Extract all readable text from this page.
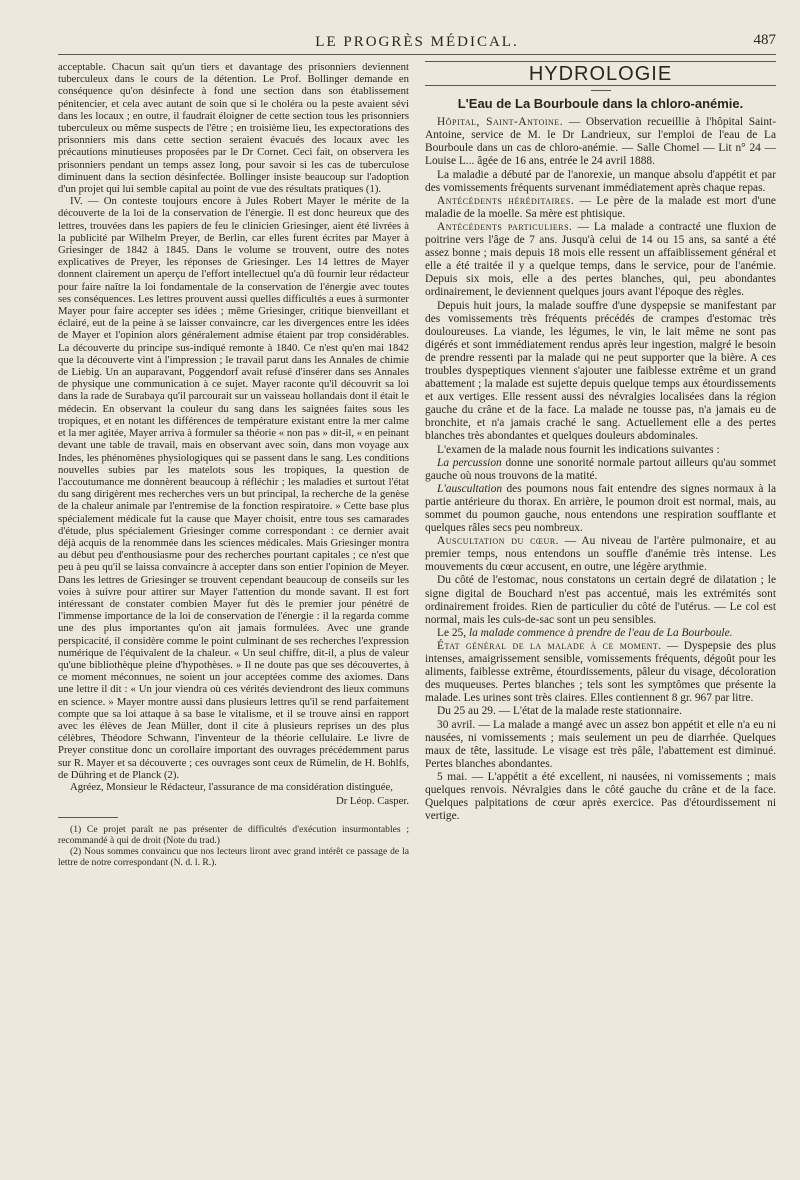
LE PROGRÈS MÉDICAL.	487

acceptable. Chacun sait qu'un tiers et davantage des prisonniers deviennent tuberculeux dans le cours de la détention. Le Prof. Bollinger demande en conséquence qu'on désinfecte à fond une section dans son établissement pénitencier, et cela avec autant de soin que si le choléra ou la peste avaient sévi dans les locaux ; en outre, il faudrait éloigner de cette section tous les prisonniers tuberculeux ou même suspects de l'être ; en troisième lieu, les expectorations des prisonniers mis dans cette section seraient évacués des locaux avec les précautions minutieuses proposées par le Dr Cornet. Ceci fait, on observera les prisonniers pendant un temps assez long, pour savoir si les cas de tuberculose diminuent dans la section désinfectée. Bollinger insiste beaucoup sur l'adoption d'un projet qui lui semble capital au point de vue des résultats pratiques (1).

IV. — On conteste toujours encore à Jules Robert Mayer le mérite de la découverte de la loi de la conservation de l'énergie. Il est donc heureux que des lettres, trouvées dans les papiers de feu le clinicien Griesinger, aient été livrées à la publicité par Wilhelm Preyer, de Berlin, car elles furent écrites par Mayer à Griesinger de 1842 à 1845. Dans le volume se trouvent, outre des notes explicatives de Preyer, les réponses de Griesinger. Les 14 lettres de Mayer donnent clairement un aperçu de l'effort intellectuel qu'a dû fournir leur rédacteur pour faire naître la loi fondamentale de la conservation de l'énergie avec toutes ses conséquences. Les lettres prouvent aussi quelles difficultés a eues à surmonter Mayer pour faire accepter ses idées ; même Griesinger, critique bienveillant et éclairé, eut de la peine à se laisser convaincre, car les divergences entre les idées de Mayer et l'opinion alors généralement admise étaient par trop considérables. La découverte du principe sus-indiqué remonte à 1840. Ce n'est qu'en mai 1842 que la découverte vint à l'impression ; le travail parut dans les Annales de chimie de Liebig. Un an auparavant, Poggendorf avait refusé d'insérer dans ses Annales de physique une communication à ce sujet. Mayer raconte qu'il découvrit sa loi dans la rade de Surabaya qu'il parcourait sur un vaisseau hollandais dont il était le médecin. En observant la couleur du sang dans les saignées faites sous les tropiques, et en notant les différences de température existant entre la mer calme et la mer agitée, Mayer arriva à formuler sa théorie « non pas » dit-il, « en peinant devant une table de travail, mais en observant avec soin, dans mon voyage aux Indes, les phénomènes physiologiques qui se passent dans le sang. Les conditions nouvelles subies par les matelots sous les tropiques, la question de l'accoutumance me donnèrent beaucoup à réfléchir ; les maladies et surtout l'état du sang dirigèrent mes recherches vers un but principal, la recherche de la genèse de la chaleur animale par l'entremise de la fonction respiratoire. » Cette base plus spécialement médicale fut la cause que Mayer choisit, entre tous ses camarades d'étude, plus spécialement Griesinger comme correspondant : ce dernier avait déjà acquis de la renommée dans les sciences médicales. Mais Griesinger montra au début peu d'enthousiasme pour des recherches pourtant capitales ; ce n'est que peu à peu qu'il se laissa convaincre à accepter dans son entier l'opinion de Meyer. Dans les lettres de Griesinger se trouvent cependant beaucoup de conseils sur les voies à suivre pour attirer sur Mayer l'attention du monde savant. Il est fort intéressant de constater combien Mayer fut dès le premier jour pénétré de l'immense importance de la loi de conservation de l'énergie : il la regarda comme une des plus importantes qu'on ait jamais formulées. Avec une grande perspicacité, il considère comme le point culminant de ses recherches l'expression numérique de l'équivalent de la chaleur. « Un seul chiffre, dit-il, a plus de valeur qu'une bibliothèque pleine d'hypothèses. » Il ne doute pas que ses découvertes, à ce moment méconnues, ne soient un jour acceptées comme des axiomes. Dans une lettre il dit : « Un jour viendra où ces vérités deviendront des lieux communs en science. » Mayer montre aussi dans plusieurs lettres qu'il se rend parfaitement compte que sa loi attaque à sa base le vitalisme, et il se trouve ainsi en rapport avec les élèves de Jean Müller, dont il cite à plusieurs reprises un des plus célèbres, Théodore Schwann, l'inventeur de la théorie cellulaire. Le livre de Preyer constitue donc un corollaire important des ouvrages précédemment parus sur R. Mayer et sa découverte ; ces ouvrages sont ceux de Rümelin, de H. Bohlfs, de Dühring et de Planck (2).

Agréez, Monsieur le Rédacteur, l'assurance de ma considération distinguée,

Dr Léop. Casper.

(1) Ce projet paraît ne pas présenter de difficultés d'exécution insurmontables ; recommandé à qui de droit (Note du trad.)

(2) Nous sommes convaincu que nos lecteurs liront avec grand intérêt ce passage de la lettre de notre correspondant (N. d. l. R.).

HYDROLOGIE
L'Eau de La Bourboule dans la chloro-anémie.

Hôpital, Saint-Antoine. — Observation recueillie à l'hôpital Saint-Antoine, service de M. le Dr Landrieux, sur l'emploi de l'eau de La Bourboule dans un cas de chloro-anémie. — Salle Chomel — Lit n° 24 — Louise L... âgée de 16 ans, entrée le 24 avril 1888.

La maladie a débuté par de l'anorexie, un manque absolu d'appétit et par des vomissements fréquents survenant immédiatement après chaque repas.

Antécédents héréditaires. — Le père de la malade est mort d'une maladie de la moelle. Sa mère est phtisique.

Antécédents particuliers. — La malade a contracté une fluxion de poitrine vers l'âge de 7 ans. Jusqu'à celui de 14 ou 15 ans, sa santé a été assez bonne ; mais depuis 18 mois elle ressent un affaiblissement général et elle a été traitée il y a quelque temps, dans le service, pour de l'anémie. Depuis six mois, elle a des pertes blanches, qui, peu abondantes ordinairement, le deviennent quelques jours avant l'époque des règles.

Depuis huit jours, la malade souffre d'une dyspepsie se manifestant par des vomissements très fréquents précédés de crampes d'estomac très douloureuses. La viande, les légumes, le vin, le lait même ne sont pas digérés et sont immédiatement rendus après leur ingestion, malgré le besoin de prendre ressenti par la malade qui ne peut supporter que la bière. A ces troubles dyspeptiques viennent s'ajouter une faiblesse extrême et un grand abattement ; la malade est sujette depuis quelque temps aux étourdissements et aux vertiges. Elle ressent aussi des névralgies localisées dans la région gauche du crâne et de la face. La malade ne tousse pas, n'a jamais eu de bronchite, et n'a jamais craché le sang. Actuellement elle a des pertes blanches très abondantes et quelques douleurs abdominales.

L'examen de la malade nous fournit les indications suivantes :

La percussion donne une sonorité normale partout ailleurs qu'au sommet gauche où nous trouvons de la matité.

L'auscultation des poumons nous fait entendre des signes normaux à la partie antérieure du thorax. En arrière, le poumon droit est normal, mais, au sommet du poumon gauche, nous entendons une respiration soufflante et quelques râles secs peu nombreux.

Auscultation du cœur. — Au niveau de l'artère pulmonaire, et au premier temps, nous entendons un souffle d'anémie très intense. Les mouvements du cœur accusent, en outre, une légère arythmie.

Du côté de l'estomac, nous constatons un certain degré de dilatation ; le signe digital de Bouchard n'est pas accentué, mais les extrémités sont ordinairement froides. Rien de particulier du côté de l'utérus. — Le col est normal, mais les culs-de-sac sont un peu sensibles.

Le 25, la malade commence à prendre de l'eau de La Bourboule.

État général de la malade à ce moment. — Dyspepsie des plus intenses, amaigrissement sensible, vomissements fréquents, dégoût pour les aliments, faiblesse extrême, étourdissements, pâleur du visage, décoloration des muqueuses. Pertes blanches ; tels sont les symptômes que présente la malade. Les urines sont très claires. Elles contiennent 8 gr. 967 par litre.

Du 25 au 29. — L'état de la malade reste stationnaire.

30 avril. — La malade a mangé avec un assez bon appétit et elle n'a eu ni nausées, ni vomissements ; mais seulement un peu de diarrhée. Quelques maux de tête, lassitude. Le visage est très pâle, l'abattement est diminué. Pertes blanches abondantes.

5 mai. — L'appétit a été excellent, ni nausées, ni vomissements ; mais quelques renvois. Névralgies dans le côté gauche du crâne et de la face. Quelques palpitations de cœur après exercice. Pas d'étourdissement ni vertige.
